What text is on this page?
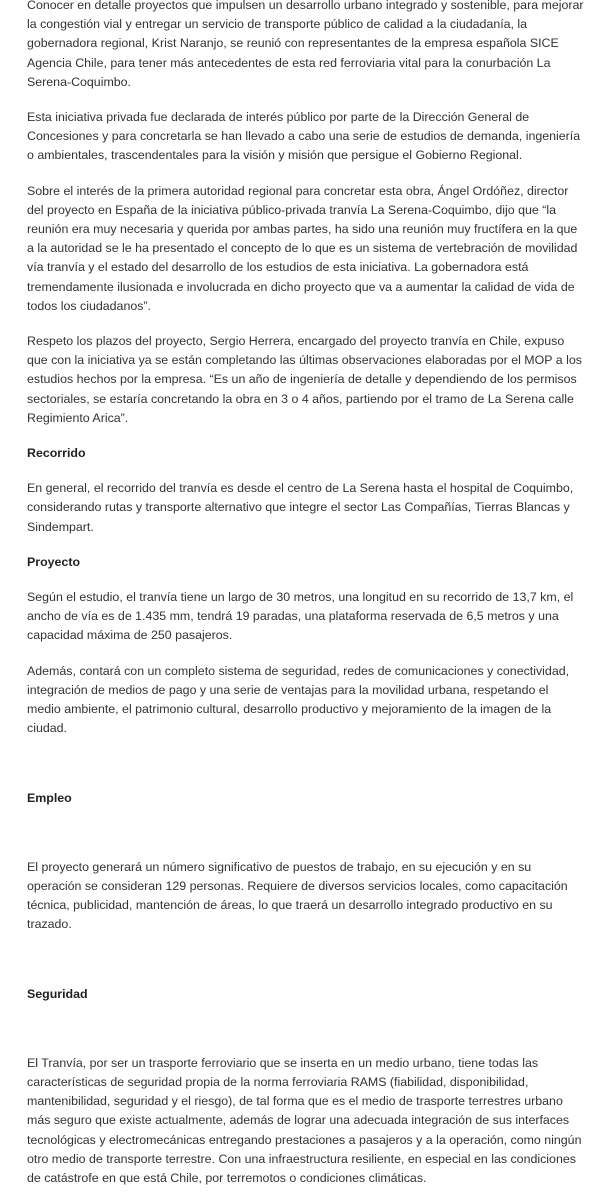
Conocer en detalle proyectos que impulsen un desarrollo urbano integrado y sostenible, para mejorar la congestión vial y entregar un servicio de transporte público de calidad a la ciudadanía, la gobernadora regional, Krist Naranjo, se reunió con representantes de la empresa española SICE Agencia Chile, para tener más antecedentes de esta red ferroviaria vital para la conurbación La Serena-Coquimbo.

Esta iniciativa privada fue declarada de interés público por parte de la Dirección General de Concesiones y para concretarla se han llevado a cabo una serie de estudios de demanda, ingeniería o ambientales, trascendentales para la visión y misión que persigue el Gobierno Regional.

Sobre el interés de la primera autoridad regional para concretar esta obra, Ángel Ordóñez, director del proyecto en España de la iniciativa público-privada tranvía La Serena-Coquimbo, dijo que “la reunión era muy necesaria y querida por ambas partes, ha sido una reunión muy fructífera en la que a la autoridad se le ha presentado el concepto de lo que es un sistema de vertebración de movilidad vía tranvía y el estado del desarrollo de los estudios de esta iniciativa. La gobernadora está tremendamente ilusionada e involucrada en dicho proyecto que va a aumentar la calidad de vida de todos los ciudadanos”.

Respeto los plazos del proyecto, Sergio Herrera, encargado del proyecto tranvía en Chile, expuso que con la iniciativa ya se están completando las últimas observaciones elaboradas por el MOP a los estudios hechos por la empresa. “Es un año de ingeniería de detalle y dependiendo de los permisos sectoriales, se estaría concretando la obra en 3 o 4 años, partiendo por el tramo de La Serena calle Regimiento Arica”.

Recorrido

En general, el recorrido del tranvía es desde el centro de La Serena hasta el hospital de Coquimbo, considerando rutas y transporte alternativo que integre el sector Las Compañías, Tierras Blancas y Sindempart.

Proyecto

Según el estudio, el tranvía tiene un largo de 30 metros, una longitud en su recorrido de 13,7 km, el ancho de vía es de 1.435 mm, tendrá 19 paradas, una plataforma reservada de 6,5 metros y una capacidad máxima de 250 pasajeros.

Además, contará con un completo sistema de seguridad, redes de comunicaciones y conectividad, integración de medios de pago y una serie de ventajas para la movilidad urbana, respetando el medio ambiente, el patrimonio cultural, desarrollo productivo y mejoramiento de la imagen de la ciudad.

Empleo

El proyecto generará un número significativo de puestos de trabajo, en su ejecución y en su operación se consideran 129 personas. Requiere de diversos servicios locales, como capacitación técnica, publicidad, mantención de áreas, lo que traerá un desarrollo integrado productivo en su trazado.

Seguridad

El Tranvía, por ser un trasporte ferroviario que se inserta en un medio urbano, tiene todas las características de seguridad propia de la norma ferroviaria RAMS (fiabilidad, disponibilidad, mantenibilidad, seguridad y el riesgo), de tal forma que es el medio de trasporte terrestres urbano más seguro que existe actualmente, además de lograr una adecuada integración de sus interfaces tecnológicas y electromecánicas entregando prestaciones a pasajeros y a la operación, como ningún otro medio de transporte terrestre. Con una infraestructura resiliente, en especial en las condiciones de catástrofe en que está Chile, por terremotos o condiciones climáticas.
